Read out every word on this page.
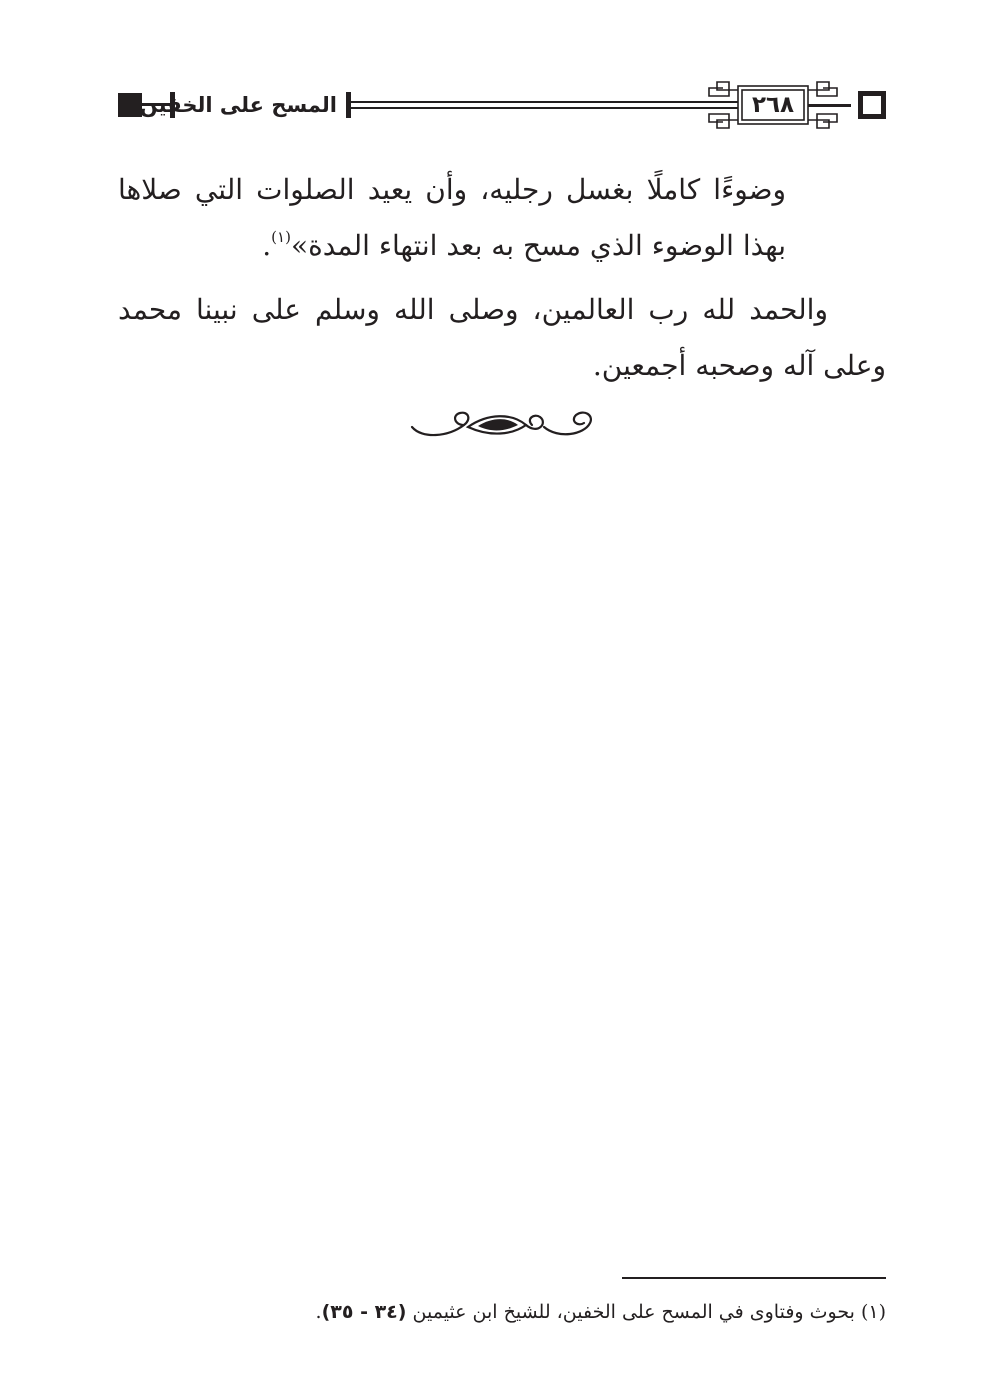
المسح على الخفين	٢٦٨
وضوءًا كاملًا بغسل رجليه، وأن يعيد الصلوات التي صلاها
بهذا الوضوء الذي مسح به بعد انتهاء المدة»$^{(١)}$.
والحمد لله رب العالمين، وصلى الله وسلم على نبينا محمد
وعلى آله وصحبه أجمعين.
(١) بحوث وفتاوى في المسح على الخفين، للشيخ ابن عثيمين (٣٤ - ٣٥).
